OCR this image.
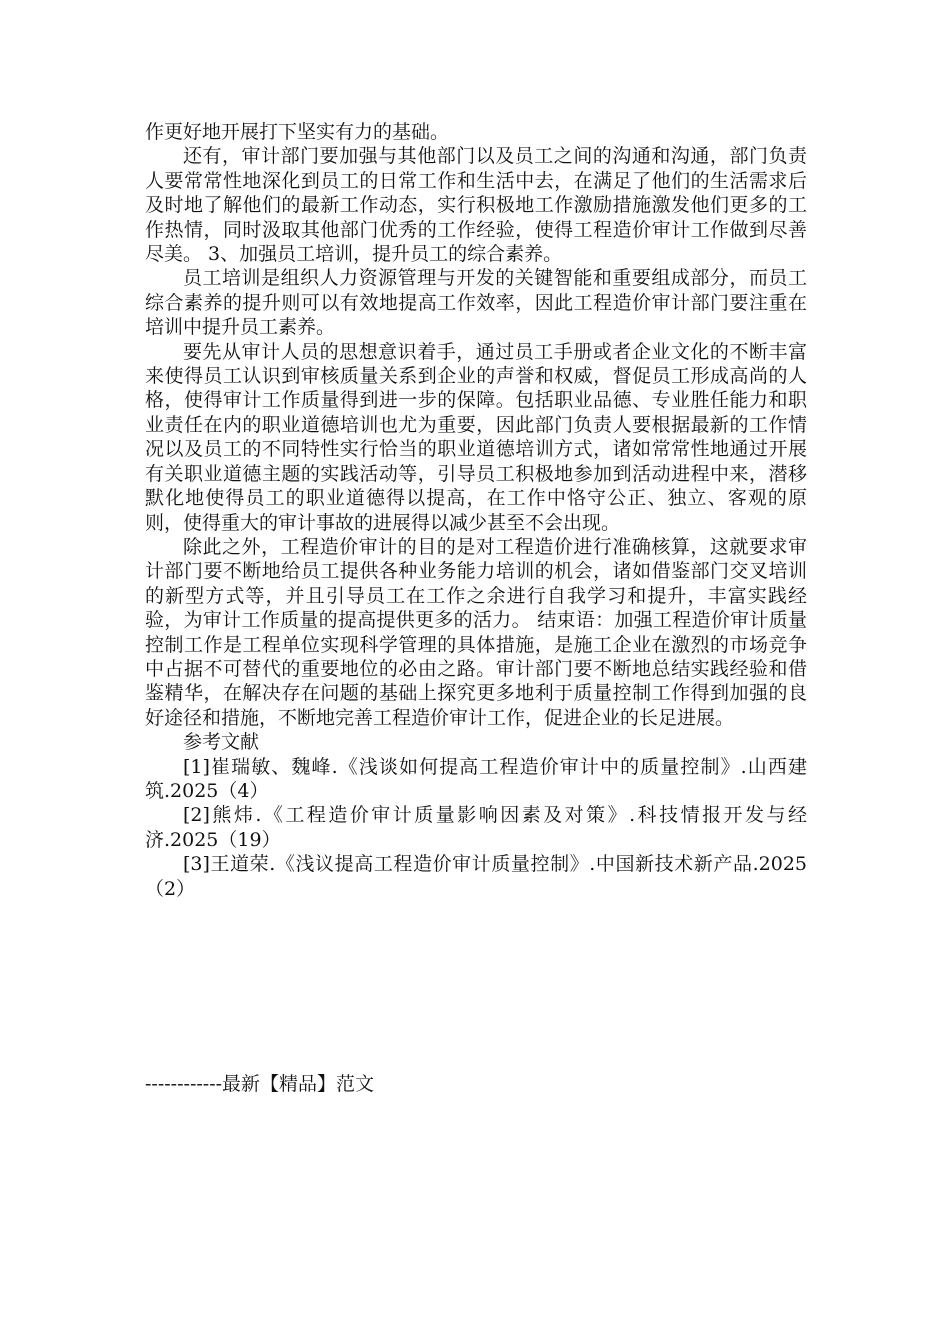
作更好地开展打下坚实有力的基础。

还有，审计部门要加强与其他部门以及员工之间的沟通和沟通，部门负责人要常常性地深化到员工的日常工作和生活中去，在满足了他们的生活需求后及时地了解他们的最新工作动态，实行积极地工作激励措施激发他们更多的工作热情，同时汲取其他部门优秀的工作经验，使得工程造价审计工作做到尽善尽美。 3、加强员工培训，提升员工的综合素养。

员工培训是组织人力资源管理与开发的关键智能和重要组成部分，而员工综合素养的提升则可以有效地提高工作效率，因此工程造价审计部门要注重在培训中提升员工素养。

要先从审计人员的思想意识着手，通过员工手册或者企业文化的不断丰富来使得员工认识到审核质量关系到企业的声誉和权威，督促员工形成高尚的人格，使得审计工作质量得到进一步的保障。包括职业品德、专业胜任能力和职业责任在内的职业道德培训也尤为重要，因此部门负责人要根据最新的工作情况以及员工的不同特性实行恰当的职业道德培训方式，诸如常常性地通过开展有关职业道德主题的实践活动等，引导员工积极地参加到活动进程中来，潜移默化地使得员工的职业道德得以提高，在工作中恪守公正、独立、客观的原则，使得重大的审计事故的进展得以减少甚至不会出现。

除此之外，工程造价审计的目的是对工程造价进行准确核算，这就要求审计部门要不断地给员工提供各种业务能力培训的机会，诸如借鉴部门交叉培训的新型方式等，并且引导员工在工作之余进行自我学习和提升，丰富实践经验，为审计工作质量的提高提供更多的活力。 结束语：加强工程造价审计质量控制工作是工程单位实现科学管理的具体措施，是施工企业在激烈的市场竞争中占据不可替代的重要地位的必由之路。审计部门要不断地总结实践经验和借鉴精华，在解决存在问题的基础上探究更多地利于质量控制工作得到加强的良好途径和措施，不断地完善工程造价审计工作，促进企业的长足进展。

参考文献

[1]崔瑞敏、魏峰.《浅谈如何提高工程造价审计中的质量控制》.山西建筑.2025（4）

[2]熊炜.《工程造价审计质量影响因素及对策》.科技情报开发与经济.2025（19）

[3]王道荣.《浅议提高工程造价审计质量控制》.中国新技术新产品.2025（2）

------------最新【精品】范文
